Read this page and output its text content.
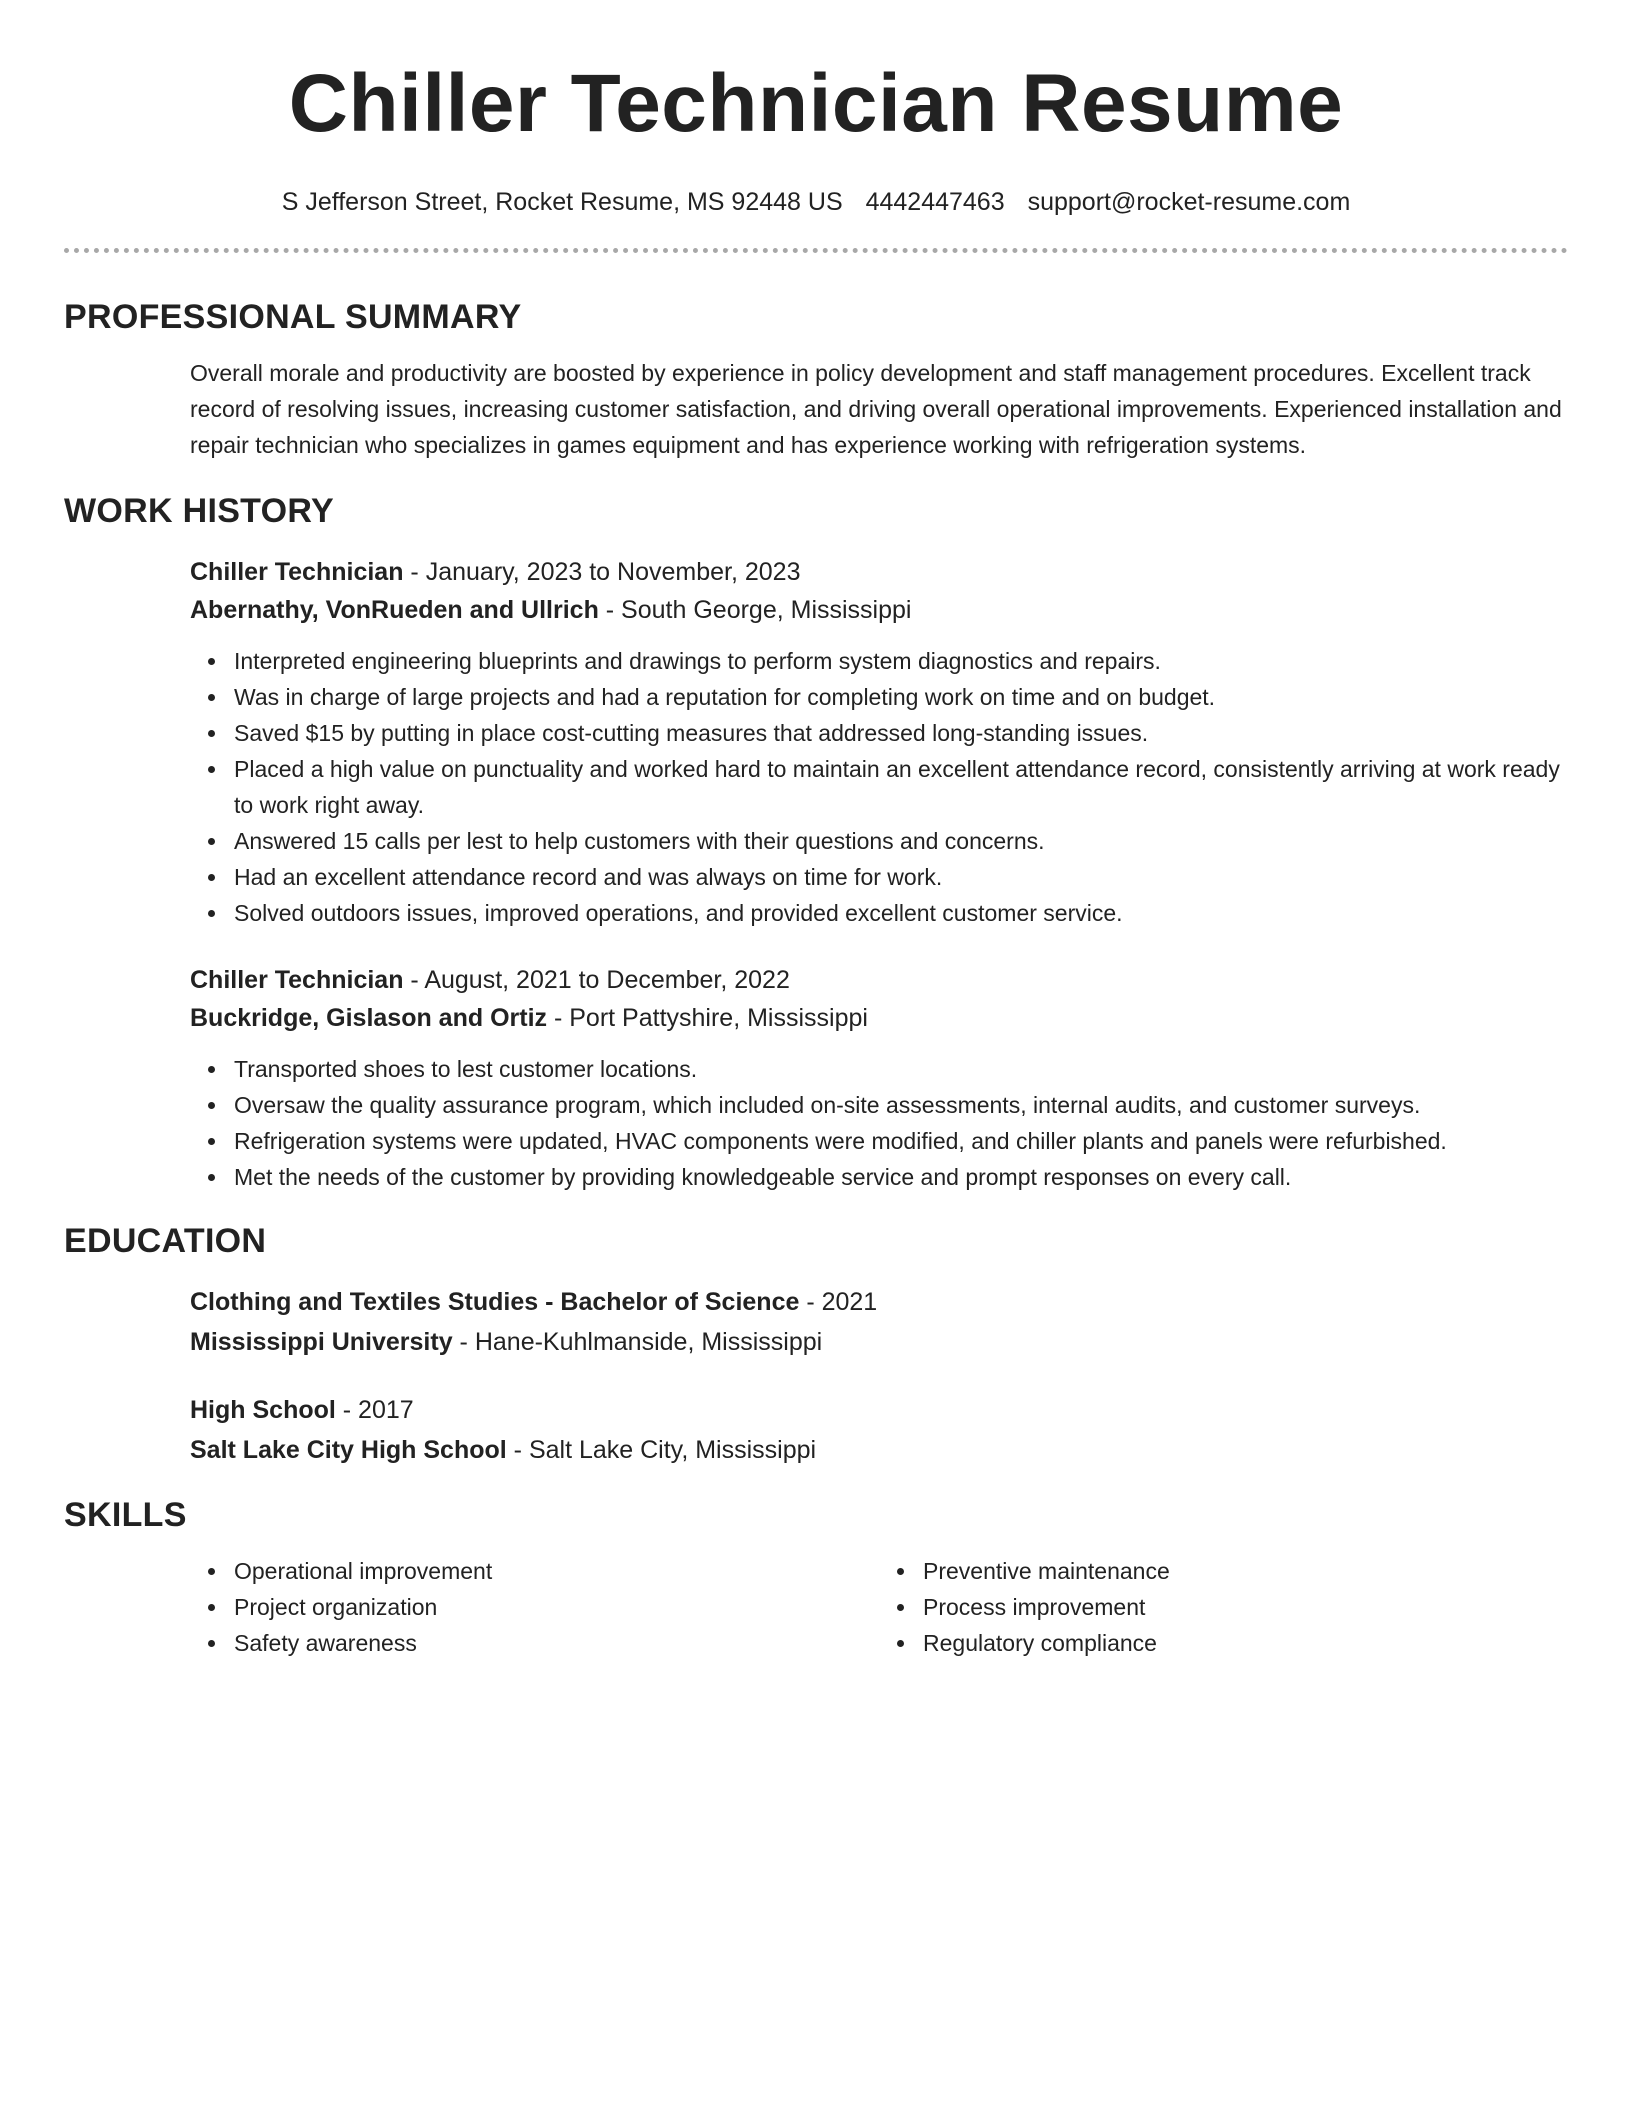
Chiller Technician Resume
S Jefferson Street, Rocket Resume, MS 92448 US 4442447463 support@rocket-resume.com
PROFESSIONAL SUMMARY

Overall morale and productivity are boosted by experience in policy development and staff management procedures. Excellent track record of resolving issues, increasing customer satisfaction, and driving overall operational improvements. Experienced installation and repair technician who specializes in games equipment and has experience working with refrigeration systems.

WORK HISTORY
Chiller Technician - January, 2023 to November, 2023
Abernathy, VonRueden and Ullrich - South George, Mississippi
Interpreted engineering blueprints and drawings to perform system diagnostics and repairs.
Was in charge of large projects and had a reputation for completing work on time and on budget.
Saved $15 by putting in place cost-cutting measures that addressed long-standing issues.
Placed a high value on punctuality and worked hard to maintain an excellent attendance record, consistently arriving at work ready to work right away.
Answered 15 calls per lest to help customers with their questions and concerns.
Had an excellent attendance record and was always on time for work.
Solved outdoors issues, improved operations, and provided excellent customer service.
Chiller Technician - August, 2021 to December, 2022
Buckridge, Gislason and Ortiz - Port Pattyshire, Mississippi
Transported shoes to lest customer locations.
Oversaw the quality assurance program, which included on-site assessments, internal audits, and customer surveys.
Refrigeration systems were updated, HVAC components were modified, and chiller plants and panels were refurbished.
Met the needs of the customer by providing knowledgeable service and prompt responses on every call.
EDUCATION
Clothing and Textiles Studies - Bachelor of Science - 2021
Mississippi University - Hane-Kuhlmanside, Mississippi
High School - 2017
Salt Lake City High School - Salt Lake City, Mississippi
SKILLS
Operational improvement
Project organization
Safety awareness
Preventive maintenance
Process improvement
Regulatory compliance
